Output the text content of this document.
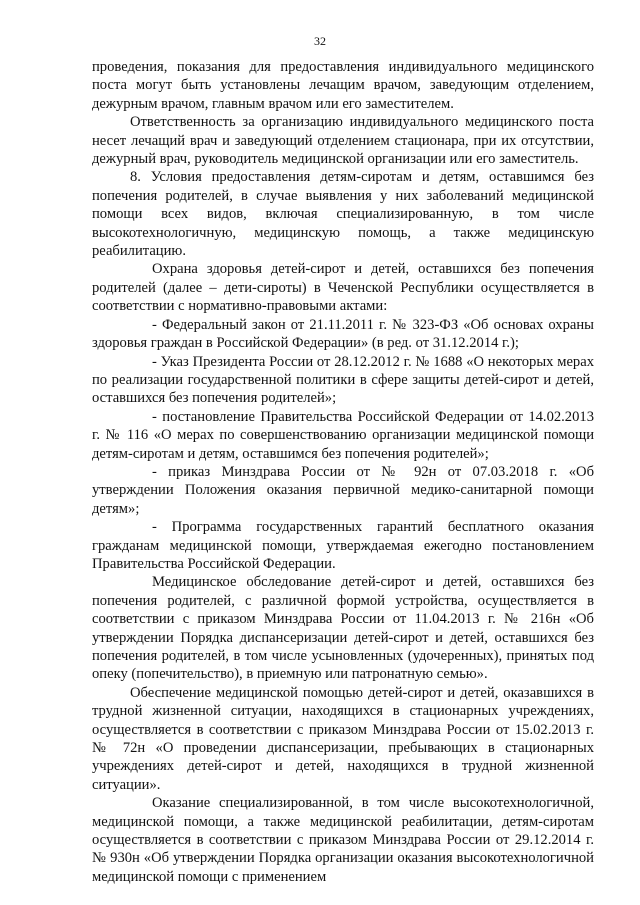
32

проведения, показания для предоставления индивидуального медицинского поста могут быть установлены лечащим врачом, заведующим отделением, дежурным врачом, главным врачом или его заместителем.

Ответственность за организацию индивидуального медицинского поста несет лечащий врач и заведующий отделением стационара, при их отсутствии, дежурный врач, руководитель медицинской организации или его заместитель.

8. Условия предоставления детям-сиротам и детям, оставшимся без попечения родителей, в случае выявления у них заболеваний медицинской помощи всех видов, включая специализированную, в том числе высокотехнологичную, медицинскую помощь, а также медицинскую реабилитацию.

Охрана здоровья детей-сирот и детей, оставшихся без попечения родителей (далее – дети-сироты) в Чеченской Республики осуществляется в соответствии с нормативно-правовыми актами:

- Федеральный закон от 21.11.2011 г. № 323-ФЗ «Об основах охраны здоровья граждан в Российской Федерации» (в ред. от 31.12.2014 г.);

- Указ Президента России от 28.12.2012 г. № 1688 «О некоторых мерах по реализации государственной политики в сфере защиты детей-сирот и детей, оставшихся без попечения родителей»;

- постановление Правительства Российской Федерации от 14.02.2013 г. № 116 «О мерах по совершенствованию организации медицинской помощи детям-сиротам и детям, оставшимся без попечения родителей»;

- приказ Минздрава России от № 92н от 07.03.2018 г. «Об утверждении Положения оказания первичной медико-санитарной помощи детям»;

- Программа государственных гарантий бесплатного оказания гражданам медицинской помощи, утверждаемая ежегодно постановлением Правительства Российской Федерации.

Медицинское обследование детей-сирот и детей, оставшихся без попечения родителей, с различной формой устройства, осуществляется в соответствии с приказом Минздрава России от 11.04.2013 г. № 216н «Об утверждении Порядка диспансеризации детей-сирот и детей, оставшихся без попечения родителей, в том числе усыновленных (удочеренных), принятых под опеку (попечительство), в приемную или патронатную семью».

Обеспечение медицинской помощью детей-сирот и детей, оказавшихся в трудной жизненной ситуации, находящихся в стационарных учреждениях, осуществляется в соответствии с приказом Минздрава России от 15.02.2013 г. № 72н «О проведении диспансеризации, пребывающих в стационарных учреждениях детей-сирот и детей, находящихся в трудной жизненной ситуации».

Оказание специализированной, в том числе высокотехнологичной, медицинской помощи, а также медицинской реабилитации, детям-сиротам осуществляется в соответствии с приказом Минздрава России от 29.12.2014 г. № 930н «Об утверждении Порядка организации оказания высокотехнологичной медицинской помощи с применением
